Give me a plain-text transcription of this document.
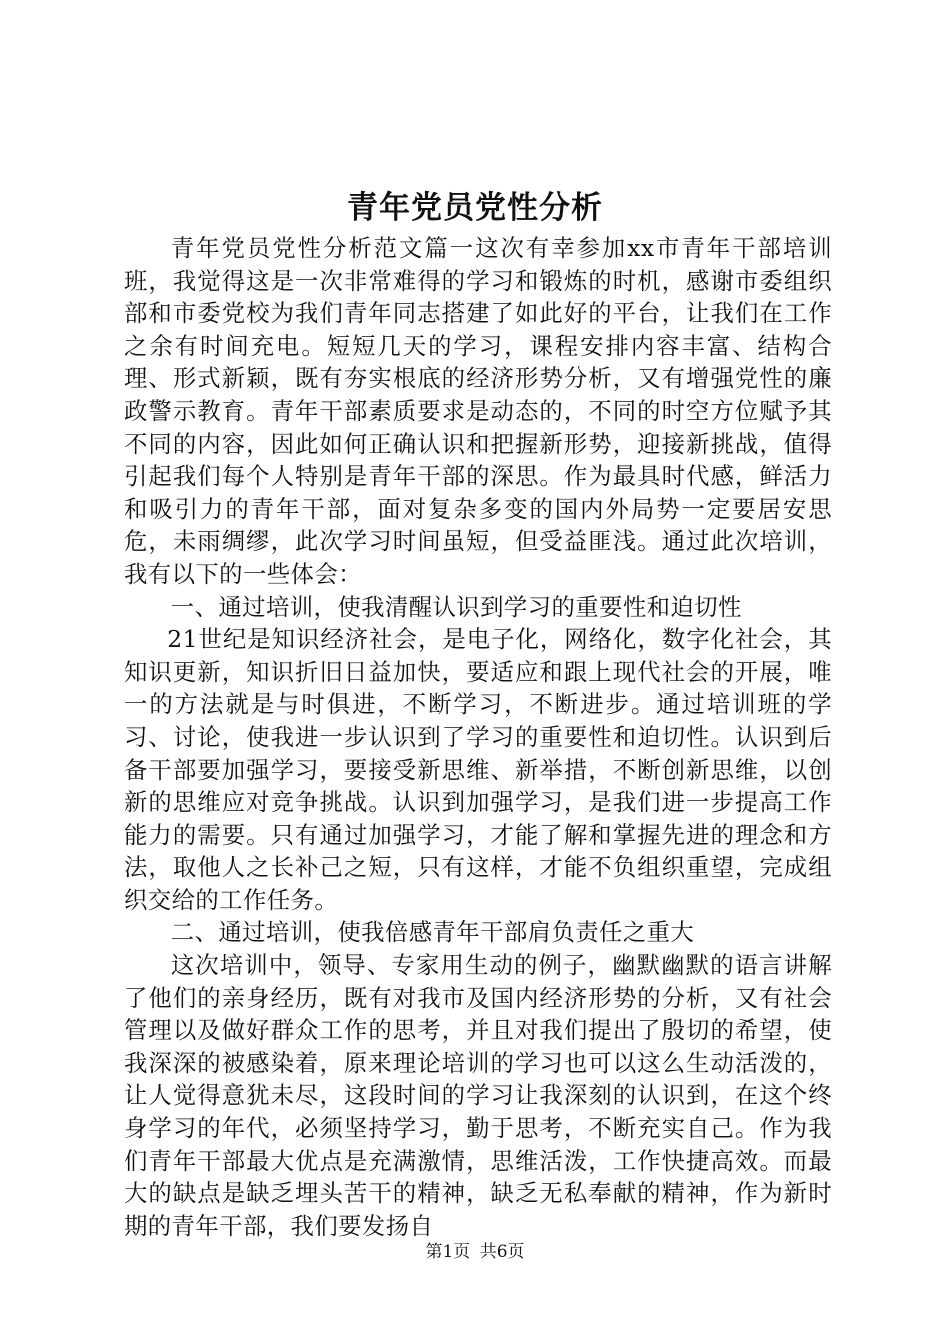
青年党员党性分析

青年党员党性分析范文篇一这次有幸参加xx市青年干部培训班，我觉得这是一次非常难得的学习和锻炼的时机，感谢市委组织部和市委党校为我们青年同志搭建了如此好的平台，让我们在工作之余有时间充电。短短几天的学习，课程安排内容丰富、结构合理、形式新颖，既有夯实根底的经济形势分析，又有增强党性的廉政警示教育。青年干部素质要求是动态的，不同的时空方位赋予其不同的内容，因此如何正确认识和把握新形势，迎接新挑战，值得引起我们每个人特别是青年干部的深思。作为最具时代感，鲜活力和吸引力的青年干部，面对复杂多变的国内外局势一定要居安思危，未雨绸缪，此次学习时间虽短，但受益匪浅。通过此次培训，我有以下的一些体会：

一、通过培训，使我清醒认识到学习的重要性和迫切性

21世纪是知识经济社会，是电子化，网络化，数字化社会，其知识更新，知识折旧日益加快，要适应和跟上现代社会的开展，唯一的方法就是与时俱进，不断学习，不断进步。通过培训班的学习、讨论，使我进一步认识到了学习的重要性和迫切性。认识到后备干部要加强学习，要接受新思维、新举措，不断创新思维，以创新的思维应对竞争挑战。认识到加强学习，是我们进一步提高工作能力的需要。只有通过加强学习，才能了解和掌握先进的理念和方法，取他人之长补己之短，只有这样，才能不负组织重望，完成组织交给的工作任务。

二、通过培训，使我倍感青年干部肩负责任之重大

这次培训中，领导、专家用生动的例子，幽默幽默的语言讲解了他们的亲身经历，既有对我市及国内经济形势的分析，又有社会管理以及做好群众工作的思考，并且对我们提出了殷切的希望，使我深深的被感染着，原来理论培训的学习也可以这么生动活泼的，让人觉得意犹未尽，这段时间的学习让我深刻的认识到，在这个终身学习的年代，必须坚持学习，勤于思考，不断充实自己。作为我们青年干部最大优点是充满激情，思维活泼，工作快捷高效。而最大的缺点是缺乏埋头苦干的精神，缺乏无私奉献的精神，作为新时期的青年干部，我们要发扬自

第1页 共6页
